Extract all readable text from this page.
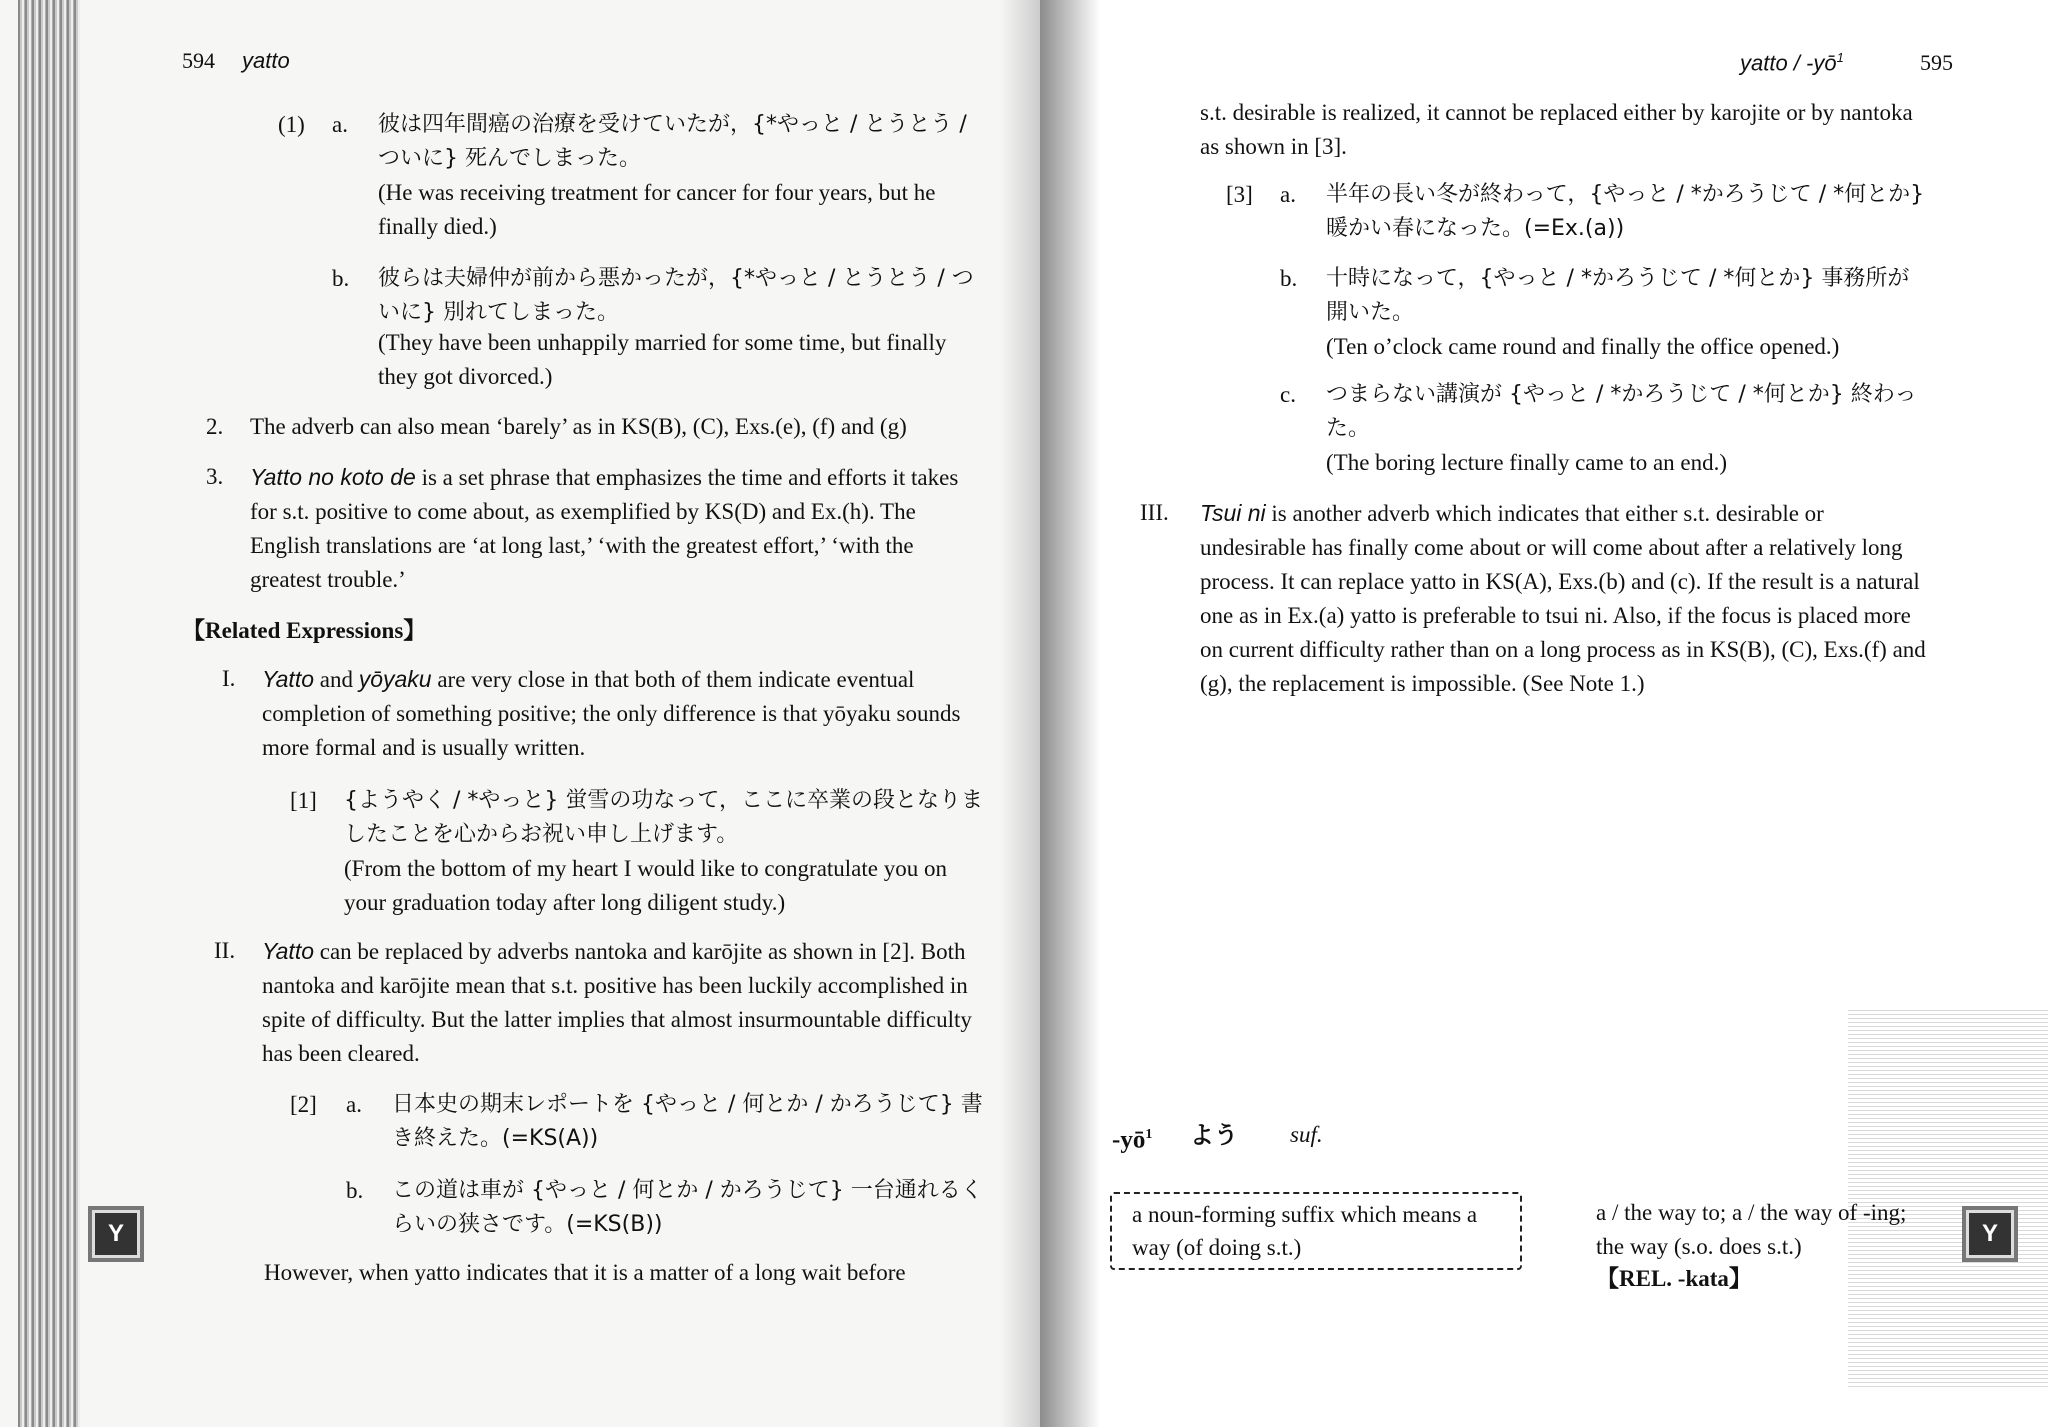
594 yatto
(1) a. 彼は四年間癌の治療を受けていたが，{*やっと / とうとう / ついに} 死んでしまった。
(He was receiving treatment for cancer for four years, but he finally died.)
b. 彼らは夫婦仲が前から悪かったが，{*やっと / とうとう / ついに} 別れてしまった。
(They have been unhappily married for some time, but finally they got divorced.)
2. The adverb can also mean ‘barely’ as in KS(B), (C), Exs.(e), (f) and (g)
3. Yatto no koto de is a set phrase that emphasizes the time and efforts it takes for s.t. positive to come about, as exemplified by KS(D) and Ex.(h). The English translations are ‘at long last,’ ‘with the greatest effort,’ ‘with the greatest trouble.’
【Related Expressions】
I. Yatto and yōyaku are very close in that both of them indicate eventual completion of something positive; the only difference is that yōyaku sounds more formal and is usually written.
[1] {ようやく / *やっと} 蛍雪の功なって，ここに卒業の段となりましたことを心からお祝い申し上げます。
(From the bottom of my heart I would like to congratulate you on your graduation today after long diligent study.)
II. Yatto can be replaced by adverbs nantoka and karōjite as shown in [2]. Both nantoka and karōjite mean that s.t. positive has been luckily accomplished in spite of difficulty. But the latter implies that almost insurmountable difficulty has been cleared.
[2] a. 日本史の期末レポートを {やっと / 何とか / かろうじて} 書き終えた。(=KS(A))
b. この道は車が {やっと / 何とか / かろうじて} 一台通れるくらいの狭さです。(=KS(B))
However, when yatto indicates that it is a matter of a long wait before
Y
yatto / $-yō^1$	595
s.t. desirable is realized, it cannot be replaced either by karojite or by nantoka as shown in [3].
[3] a. 半年の長い冬が終わって，{やっと / *かろうじて / *何とか} 暖かい春になった。(=Ex.(a))
b. 十時になって，{やっと / *かろうじて / *何とか} 事務所が開いた。
(Ten o’clock came round and finally the office opened.)
c. つまらない講演が {やっと / *かろうじて / *何とか} 終わった。
(The boring lecture finally came to an end.)
III. Tsui ni is another adverb which indicates that either s.t. desirable or undesirable has finally come about or will come about after a relatively long process. It can replace yatto in KS(A), Exs.(b) and (c). If the result is a natural one as in Ex.(a) yatto is preferable to tsui ni. Also, if the focus is placed more on current difficulty rather than on a long process as in KS(B), (C), Exs.(f) and (g), the replacement is impossible. (See Note 1.)
$-yō^1$ よう suf.
a noun-forming suffix which means a way (of doing s.t.)
a / the way to; a / the way of -ing; the way (s.o. does s.t.)
【REL. -kata】
Y
